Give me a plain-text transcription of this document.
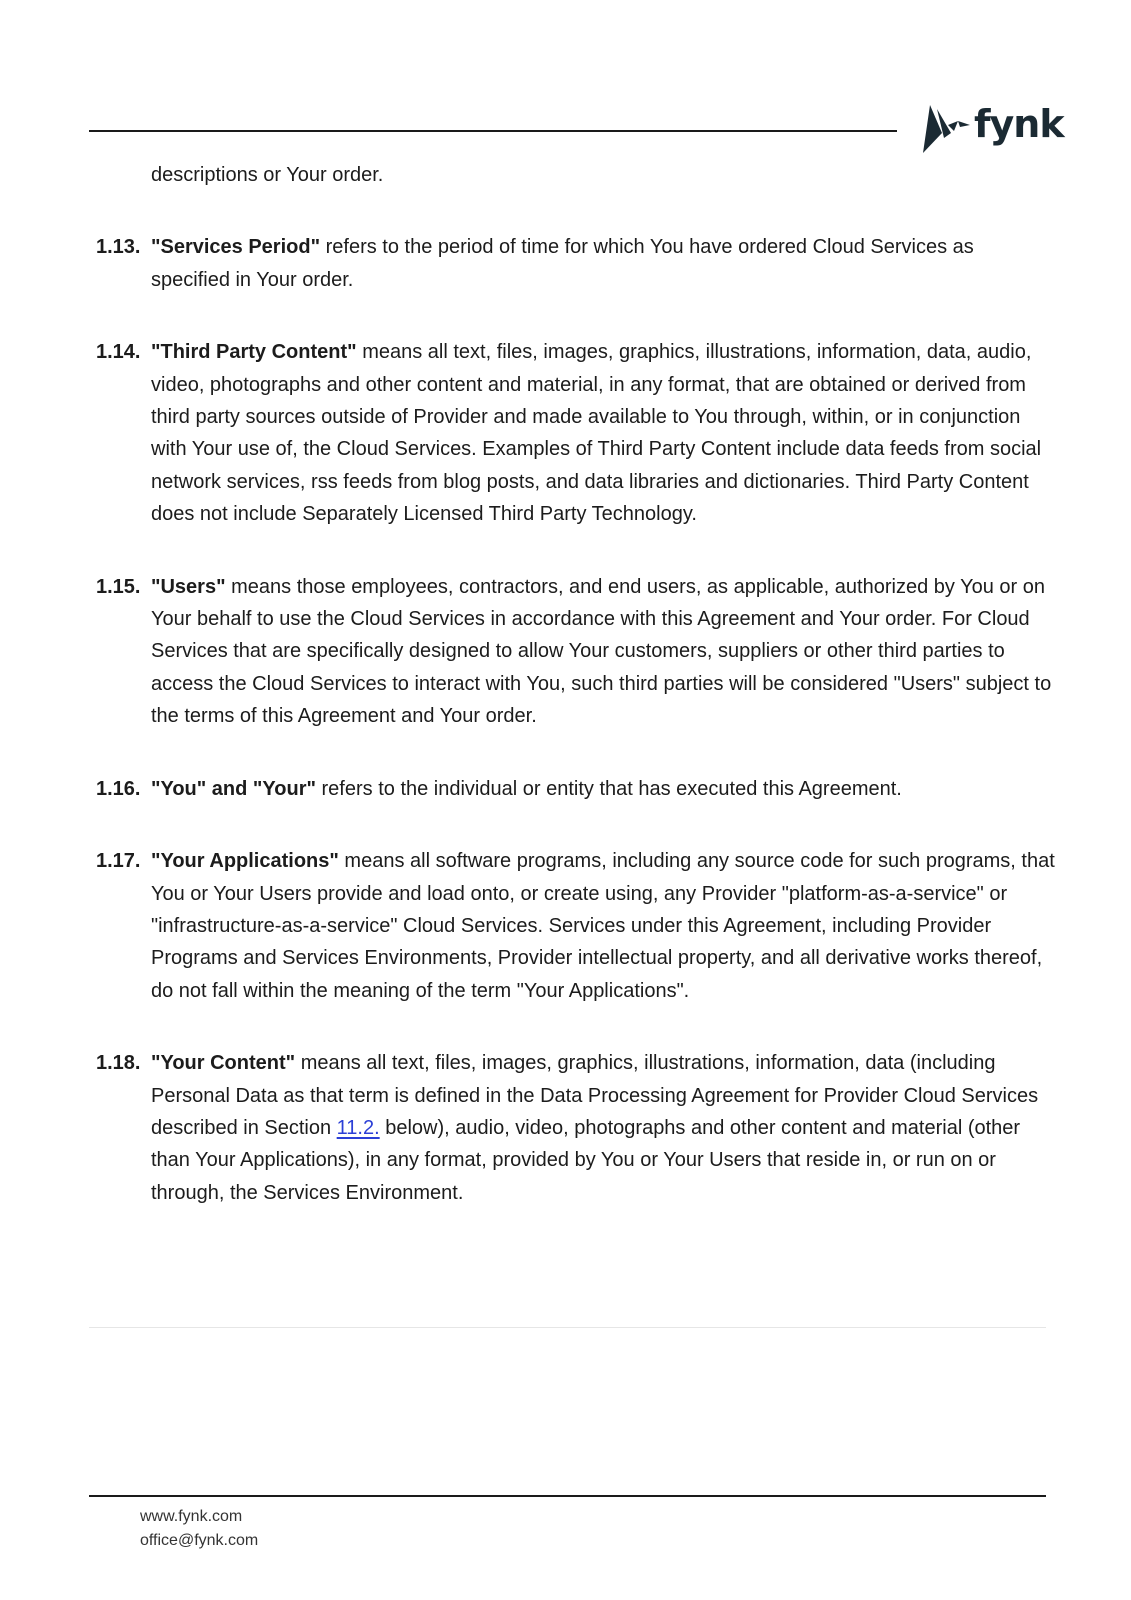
fynk

descriptions or Your order.

1.13. "Services Period" refers to the period of time for which You have ordered Cloud Services as specified in Your order.
1.14. "Third Party Content" means all text, files, images, graphics, illustrations, information, data, audio, video, photographs and other content and material, in any format, that are obtained or derived from third party sources outside of Provider and made available to You through, within, or in conjunction with Your use of, the Cloud Services. Examples of Third Party Content include data feeds from social network services, rss feeds from blog posts, and data libraries and dictionaries. Third Party Content does not include Separately Licensed Third Party Technology.
1.15. "Users" means those employees, contractors, and end users, as applicable, authorized by You or on Your behalf to use the Cloud Services in accordance with this Agreement and Your order. For Cloud Services that are specifically designed to allow Your customers, suppliers or other third parties to access the Cloud Services to interact with You, such third parties will be considered "Users" subject to the terms of this Agreement and Your order.
1.16. "You" and "Your" refers to the individual or entity that has executed this Agreement.
1.17. "Your Applications" means all software programs, including any source code for such programs, that You or Your Users provide and load onto, or create using, any Provider "platform-as-a-service" or "infrastructure-as-a-service" Cloud Services. Services under this Agreement, including Provider Programs and Services Environments, Provider intellectual property, and all derivative works thereof, do not fall within the meaning of the term "Your Applications".
1.18. "Your Content" means all text, files, images, graphics, illustrations, information, data (including Personal Data as that term is defined in the Data Processing Agreement for Provider Cloud Services described in Section 11.2. below), audio, video, photographs and other content and material (other than Your Applications), in any format, provided by You or Your Users that reside in, or run on or through, the Services Environment.
www.fynk.com
office@fynk.com
